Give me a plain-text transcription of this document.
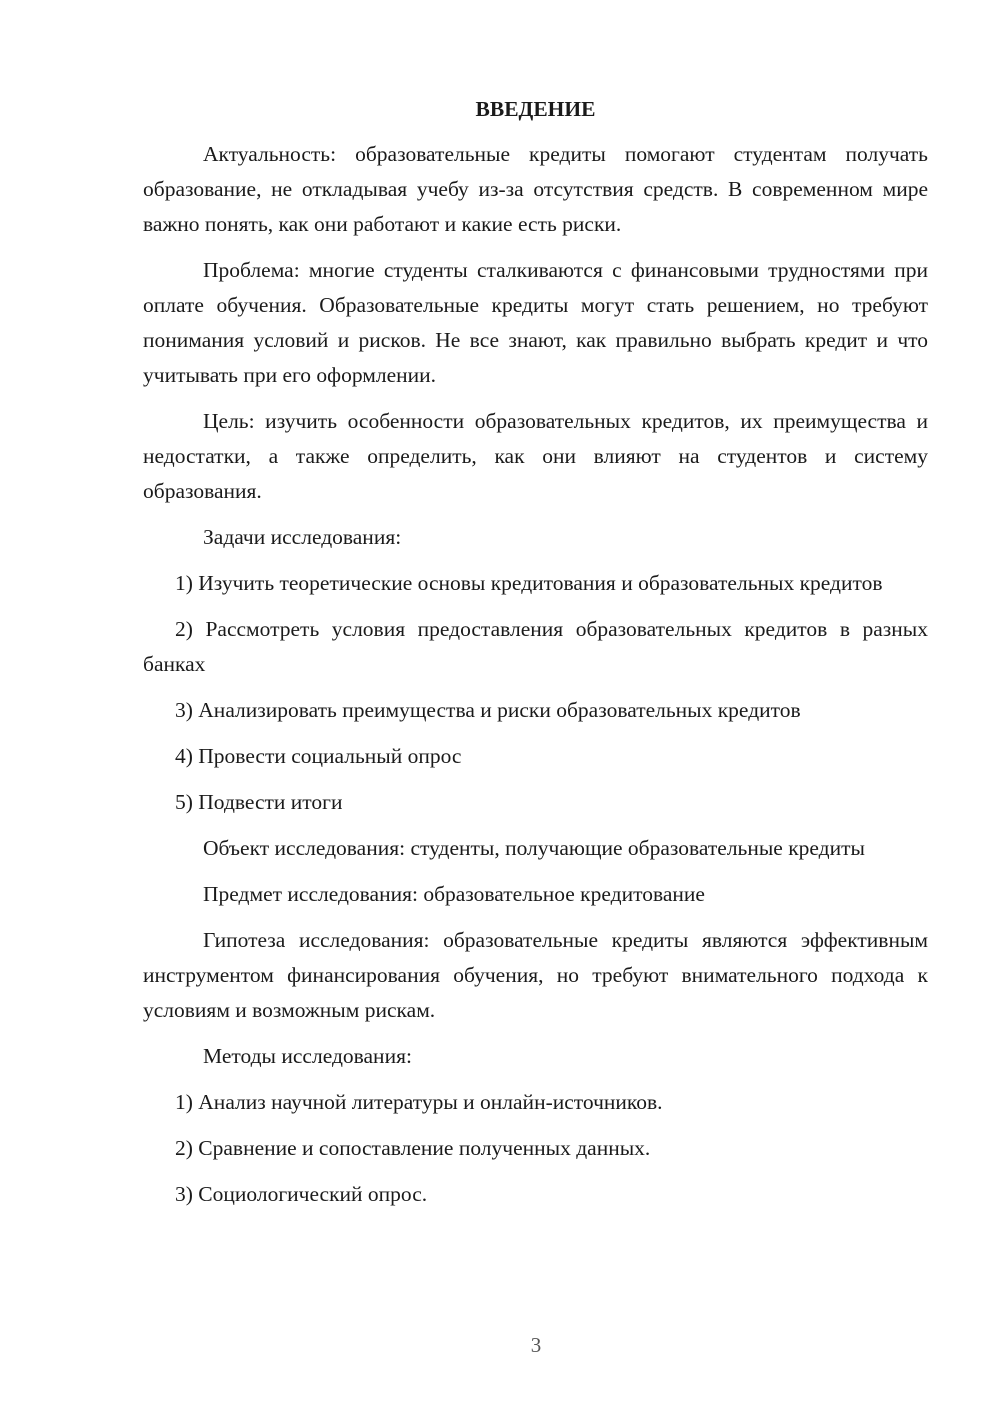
ВВЕДЕНИЕ

Актуальность: образовательные кредиты помогают студентам получать образование, не откладывая учебу из-за отсутствия средств. В современном мире важно понять, как они работают и какие есть риски.

Проблема: многие студенты сталкиваются с финансовыми трудностями при оплате обучения. Образовательные кредиты могут стать решением, но требуют понимания условий и рисков. Не все знают, как правильно выбрать кредит и что учитывать при его оформлении.

Цель: изучить особенности образовательных кредитов, их преимущества и недостатки, а также определить, как они влияют на студентов и систему образования.

Задачи исследования:

1) Изучить теоретические основы кредитования и образовательных кредитов

2) Рассмотреть условия предоставления образовательных кредитов в разных банках

3) Анализировать преимущества и риски образовательных кредитов

4) Провести социальный опрос

5) Подвести итоги

Объект исследования: студенты, получающие образовательные кредиты

Предмет исследования: образовательное кредитование

Гипотеза исследования: образовательные кредиты являются эффективным инструментом финансирования обучения, но требуют внимательного подхода к условиям и возможным рискам.

Методы исследования:

1) Анализ научной литературы и онлайн-источников.

2) Сравнение и сопоставление полученных данных.

3) Социологический опрос.

3
